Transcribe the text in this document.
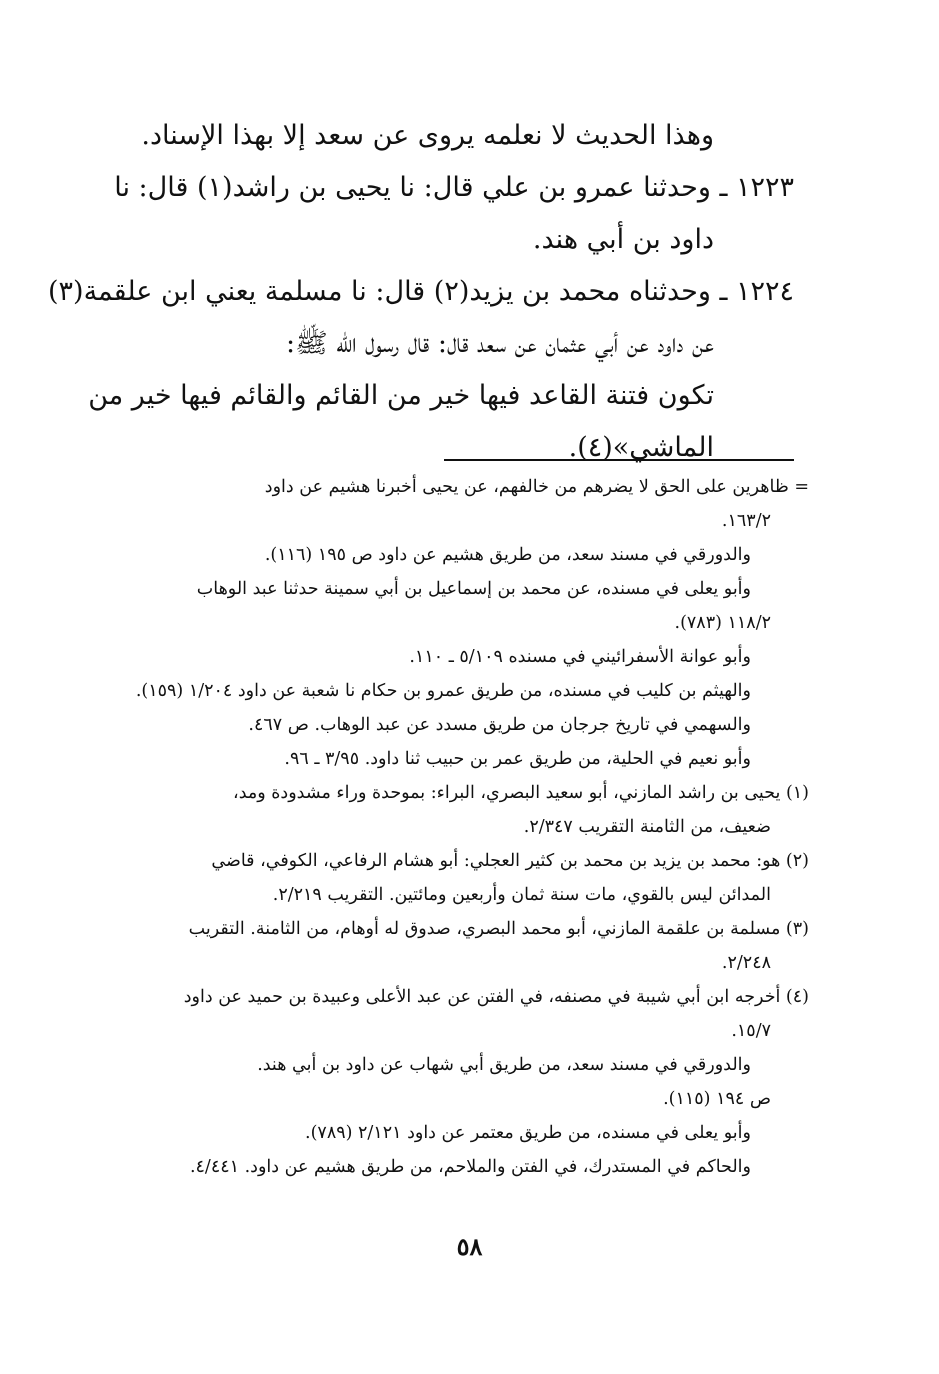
وهذا الحديث لا نعلمه يروى عن سعد إلا بهذا الإسناد.

١٢٢٣ ـ وحدثنا عمرو بن علي قال: نا يحيى بن راشد(١) قال: نا

داود بن أبي هند.

١٢٢٤ ـ وحدثناه محمد بن يزيد(٢) قال: نا مسلمة يعني ابن علقمة(٣)

عن داود عن أبي عثمان عن سعد قال: قال رسول الله ﷺ:

تكون فتنة القاعد فيها خير من القائم والقائم فيها خير من

الماشي»(٤).

= ظاهرين على الحق لا يضرهم من خالفهم، عن يحيى أخبرنا هشيم عن داود

١٦٣/٢.

والدورقي في مسند سعد، من طريق هشيم عن داود ص ١٩٥ (١١٦).

وأبو يعلى في مسنده، عن محمد بن إسماعيل بن أبي سمينة حدثنا عبد الوهاب

١١٨/٢ (٧٨٣).

وأبو عوانة الأسفرائيني في مسنده ٥/١٠٩ ـ ١١٠.

والهيثم بن كليب في مسنده، من طريق عمرو بن حكام نا شعبة عن داود ١/٢٠٤ (١٥٩).

والسهمي في تاريخ جرجان من طريق مسدد عن عبد الوهاب. ص ٤٦٧.

وأبو نعيم في الحلية، من طريق عمر بن حبيب ثنا داود. ٣/٩٥ ـ ٩٦.

(١) يحيى بن راشد المازني، أبو سعيد البصري، البراء: بموحدة وراء مشدودة ومد،

ضعيف، من الثامنة التقريب ٢/٣٤٧.

(٢) هو: محمد بن يزيد بن محمد بن كثير العجلي: أبو هشام الرفاعي، الكوفي، قاضي

المدائن ليس بالقوي، مات سنة ثمان وأربعين ومائتين. التقريب ٢/٢١٩.

(٣) مسلمة بن علقمة المازني، أبو محمد البصري، صدوق له أوهام، من الثامنة. التقريب

٢/٢٤٨.

(٤) أخرجه ابن أبي شيبة في مصنفه، في الفتن عن عبد الأعلى وعبيدة بن حميد عن داود

١٥/٧.

والدورقي في مسند سعد، من طريق أبي شهاب عن داود بن أبي هند.

ص ١٩٤ (١١٥).

وأبو يعلى في مسنده، من طريق معتمر عن داود ٢/١٢١ (٧٨٩).

والحاكم في المستدرك، في الفتن والملاحم، من طريق هشيم عن داود. ٤/٤٤١.

٥٨
